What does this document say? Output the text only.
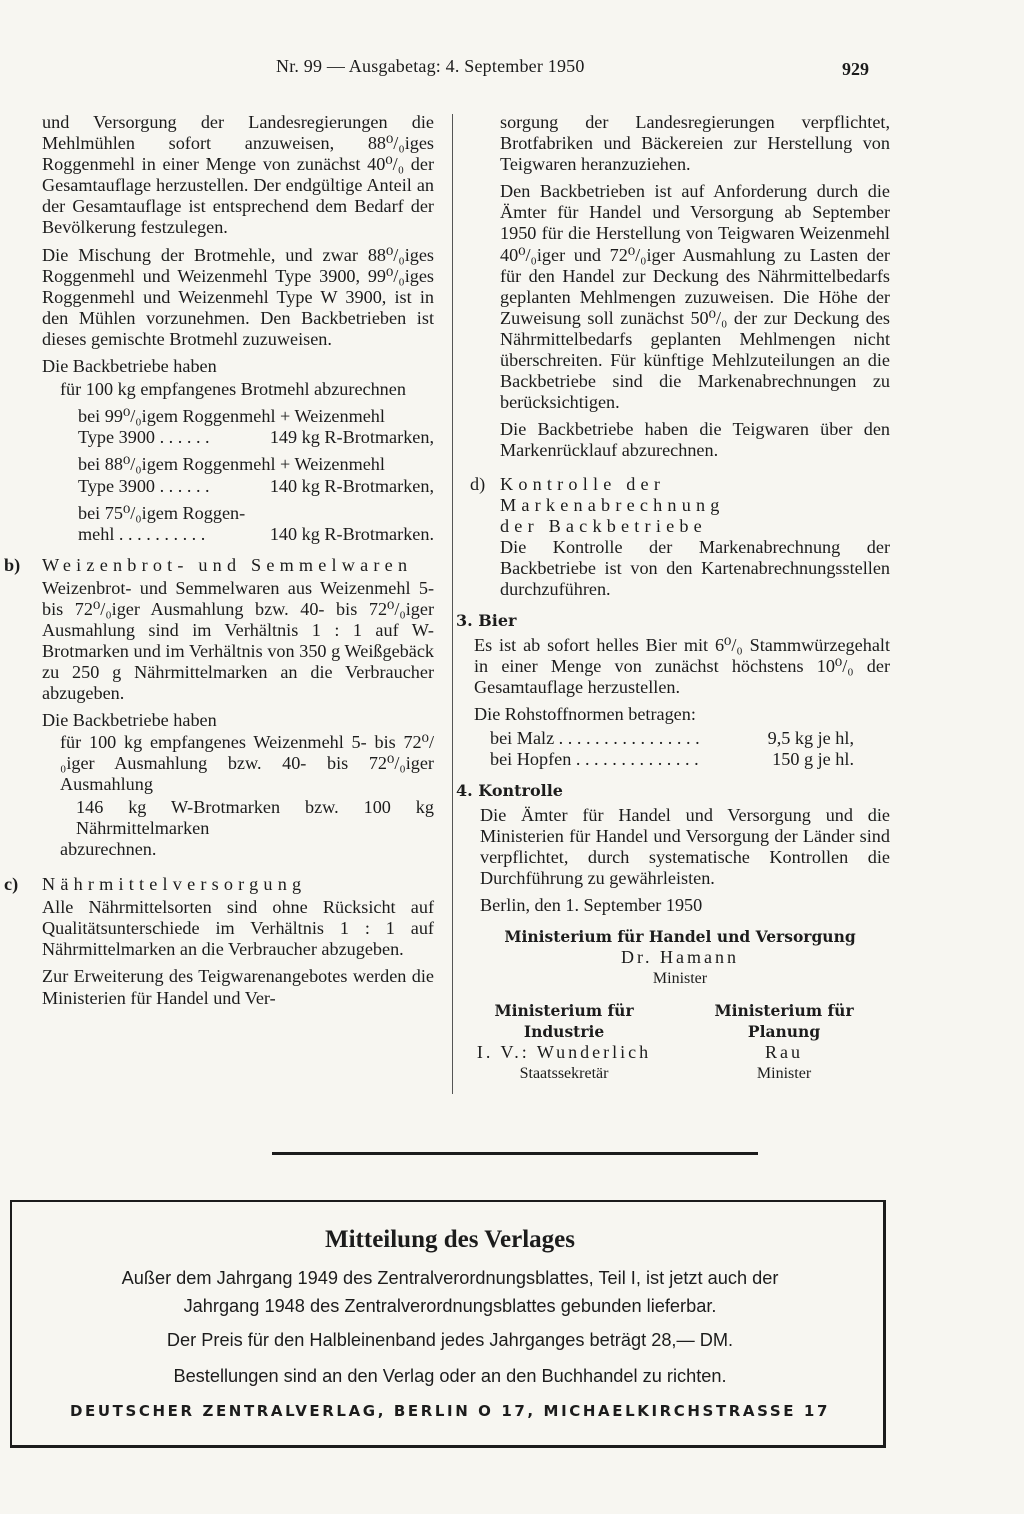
Nr. 99 — Ausgabetag: 4. September 1950	929

und Versorgung der Landesregierungen die Mehlmühlen sofort anzuweisen, 88⁰/₀iges Roggenmehl in einer Menge von zunächst 40⁰/₀ der Gesamtauflage herzustellen. Der endgültige Anteil an der Gesamtauflage ist entsprechend dem Bedarf der Bevölkerung festzulegen.

Die Mischung der Brotmehle, und zwar 88⁰/₀iges Roggenmehl und Weizenmehl Type 3900, 99⁰/₀iges Roggenmehl und Weizenmehl Type W 3900, ist in den Mühlen vorzunehmen. Den Backbetrieben ist dieses gemischte Brotmehl zuzuweisen.

Die Backbetriebe haben

für 100 kg empfangenes Brotmehl abzurechnen

bei 99⁰/₀igem Roggenmehl + Weizenmehl
Type 3900 . . . . . .	149 kg R-Brotmarken,
bei 88⁰/₀igem Roggenmehl + Weizenmehl
Type 3900 . . . . . .	140 kg R-Brotmarken,
bei 75⁰/₀igem Roggen-
mehl . . . . . . . . . .	140 kg R-Brotmarken.
b) Weizenbrot- und Semmelwaren

Weizenbrot- und Semmelwaren aus Weizenmehl 5- bis 72⁰/₀iger Ausmahlung bzw. 40- bis 72⁰/₀iger Ausmahlung sind im Verhältnis 1 : 1 auf W-Brotmarken und im Verhältnis von 350 g Weißgebäck zu 250 g Nährmittelmarken an die Verbraucher abzugeben.

Die Backbetriebe haben

für 100 kg empfangenes Weizenmehl 5- bis 72⁰/₀iger Ausmahlung bzw. 40- bis 72⁰/₀iger Ausmahlung

146 kg W-Brotmarken bzw. 100 kg Nährmittelmarken

abzurechnen.

c) Nährmittelversorgung

Alle Nährmittelsorten sind ohne Rücksicht auf Qualitätsunterschiede im Verhältnis 1 : 1 auf Nährmittelmarken an die Verbraucher abzugeben.

Zur Erweiterung des Teigwarenangebotes werden die Ministerien für Handel und Ver-

sorgung der Landesregierungen verpflichtet, Brotfabriken und Bäckereien zur Herstellung von Teigwaren heranzuziehen.

Den Backbetrieben ist auf Anforderung durch die Ämter für Handel und Versorgung ab September 1950 für die Herstellung von Teigwaren Weizenmehl 40⁰/₀iger und 72⁰/₀iger Ausmahlung zu Lasten der für den Handel zur Deckung des Nährmittelbedarfs geplanten Mehlmengen zuzuweisen. Die Höhe der Zuweisung soll zunächst 50⁰/₀ der zur Deckung des Nährmittelbedarfs geplanten Mehlmengen nicht überschreiten. Für künftige Mehlzuteilungen an die Backbetriebe sind die Markenabrechnungen zu berücksichtigen.

Die Backbetriebe haben die Teigwaren über den Markenrücklauf abzurechnen.

d) Kontrolle der Markenabrechnung
der Backbetriebe

Die Kontrolle der Markenabrechnung der Backbetriebe ist von den Kartenabrechnungsstellen durchzuführen.

3. Bier

Es ist ab sofort helles Bier mit 6⁰/₀ Stammwürzegehalt in einer Menge von zunächst höchstens 10⁰/₀ der Gesamtauflage herzustellen.

Die Rohstoffnormen betragen:

bei Malz . . . . . . . . . . . . . . . .	9,5 kg je hl,
bei Hopfen . . . . . . . . . . . . . .	150 g je hl.
4. Kontrolle

Die Ämter für Handel und Versorgung und die Ministerien für Handel und Versorgung der Länder sind verpflichtet, durch systematische Kontrollen die Durchführung zu gewährleisten.

Berlin, den 1. September 1950

Ministerium für Handel und Versorgung
Dr. Hamann
Minister
Ministerium für Industrie
I. V.: Wunderlich
Staatssekretär
Ministerium für Planung
Rau
Minister
Mitteilung des Verlages
Außer dem Jahrgang 1949 des Zentralverordnungsblattes, Teil I, ist jetzt auch der
Jahrgang 1948 des Zentralverordnungsblattes gebunden lieferbar.
Der Preis für den Halbleinenband jedes Jahrganges beträgt 28,— DM.
Bestellungen sind an den Verlag oder an den Buchhandel zu richten.
DEUTSCHER ZENTRALVERLAG, BERLIN O 17, MICHAELKIRCHSTRASSE 17
